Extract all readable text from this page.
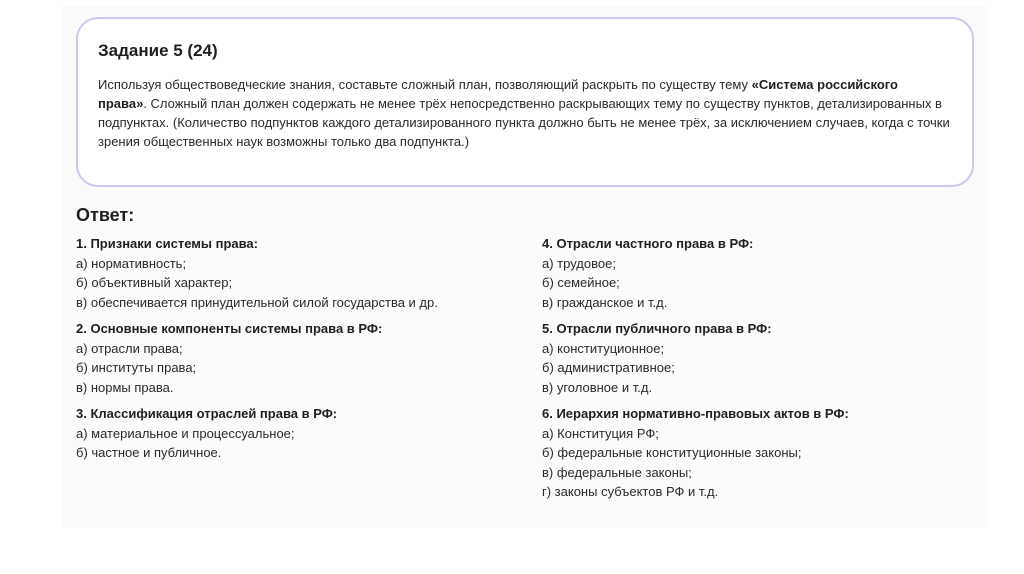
Задание 5 (24)
Используя обществоведческие знания, составьте сложный план, позволяющий раскрыть по существу тему «Система российского права». Сложный план должен содержать не менее трёх непосредственно раскрывающих тему по существу пунктов, детализированных в подпунктах. (Количество подпунктов каждого детализированного пункта должно быть не менее трёх, за исключением случаев, когда с точки зрения общественных наук возможны только два подпункта.)
Ответ:
1. Признаки системы права:
а) нормативность;
б) объективный характер;
в) обеспечивается принудительной силой государства и др.
2. Основные компоненты системы права в РФ:
а) отрасли права;
б) институты права;
в) нормы права.
3. Классификация отраслей права в РФ:
а) материальное и процессуальное;
б) частное и публичное.
4. Отрасли частного права в РФ:
а) трудовое;
б) семейное;
в) гражданское и т.д.
5. Отрасли публичного права в РФ:
а) конституционное;
б) административное;
в) уголовное и т.д.
6. Иерархия нормативно-правовых актов в РФ:
а) Конституция РФ;
б) федеральные конституционные законы;
в) федеральные законы;
г) законы субъектов РФ и т.д.
